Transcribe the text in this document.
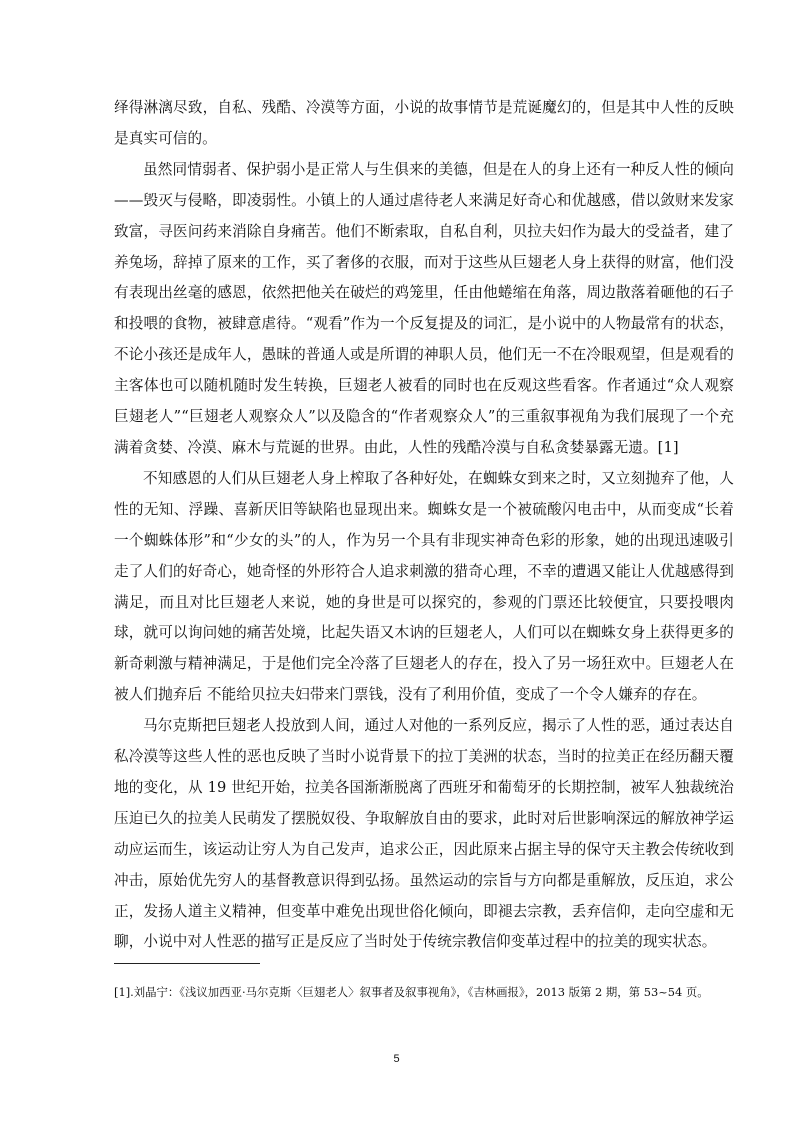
绎得淋漓尽致，自私、残酷、冷漠等方面，小说的故事情节是荒诞魔幻的，但是其中人性的反映是真实可信的。

虽然同情弱者、保护弱小是正常人与生俱来的美德，但是在人的身上还有一种反人性的倾向——毁灭与侵略，即凌弱性。小镇上的人通过虐待老人来满足好奇心和优越感，借以敛财来发家致富，寻医问药来消除自身痛苦。他们不断索取，自私自利，贝拉夫妇作为最大的受益者，建了养兔场，辞掉了原来的工作，买了奢侈的衣服，而对于这些从巨翅老人身上获得的财富，他们没有表现出丝毫的感恩，依然把他关在破烂的鸡笼里，任由他蜷缩在角落，周边散落着砸他的石子和投喂的食物，被肆意虐待。“观看”作为一个反复提及的词汇，是小说中的人物最常有的状态，不论小孩还是成年人，愚昧的普通人或是所谓的神职人员，他们无一不在冷眼观望，但是观看的主客体也可以随机随时发生转换，巨翅老人被看的同时也在反观这些看客。作者通过“众人观察巨翅老人”“巨翅老人观察众人”以及隐含的“作者观察众人”的三重叙事视角为我们展现了一个充满着贪婪、冷漠、麻木与荒诞的世界。由此，人性的残酷冷漠与自私贪婪暴露无遗。[1]

不知感恩的人们从巨翅老人身上榨取了各种好处，在蜘蛛女到来之时，又立刻抛弃了他，人性的无知、浮躁、喜新厌旧等缺陷也显现出来。蜘蛛女是一个被硫酸闪电击中，从而变成“长着一个蜘蛛体形”和“少女的头”的人，作为另一个具有非现实神奇色彩的形象，她的出现迅速吸引走了人们的好奇心，她奇怪的外形符合人追求刺激的猎奇心理，不幸的遭遇又能让人优越感得到满足，而且对比巨翅老人来说，她的身世是可以探究的，参观的门票还比较便宜，只要投喂肉球，就可以询问她的痛苦处境，比起失语又木讷的巨翅老人，人们可以在蜘蛛女身上获得更多的新奇刺激与精神满足，于是他们完全冷落了巨翅老人的存在，投入了另一场狂欢中。巨翅老人在被人们抛弃后 不能给贝拉夫妇带来门票钱，没有了利用价值，变成了一个令人嫌弃的存在。

马尔克斯把巨翅老人投放到人间，通过人对他的一系列反应，揭示了人性的恶，通过表达自私冷漠等这些人性的恶也反映了当时小说背景下的拉丁美洲的状态，当时的拉美正在经历翻天覆地的变化，从 19 世纪开始，拉美各国渐渐脱离了西班牙和葡萄牙的长期控制，被军人独裁统治压迫已久的拉美人民萌发了摆脱奴役、争取解放自由的要求，此时对后世影响深远的解放神学运动应运而生，该运动让穷人为自己发声，追求公正，因此原来占据主导的保守天主教会传统收到冲击，原始优先穷人的基督教意识得到弘扬。虽然运动的宗旨与方向都是重解放，反压迫，求公正，发扬人道主义精神，但变革中难免出现世俗化倾向，即褪去宗教，丢弃信仰，走向空虚和无聊，小说中对人性恶的描写正是反应了当时处于传统宗教信仰变革过程中的拉美的现实状态。

[1].刘晶宁：《浅议加西亚·马尔克斯〈巨翅老人〉叙事者及叙事视角》，《吉林画报》，2013 版第 2 期，第 53~54 页。

5
